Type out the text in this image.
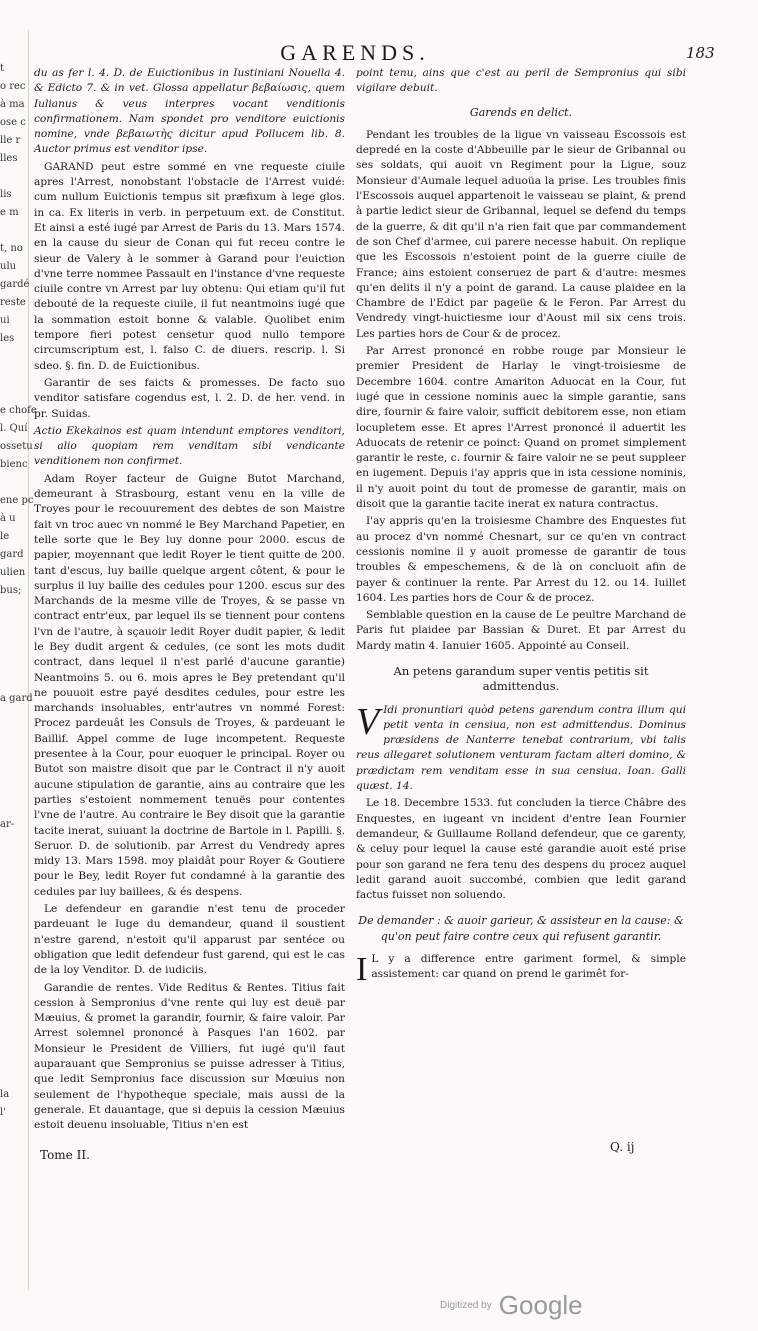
t
o rec
à ma
ose c
lle r
lles
lis
e m
t, no
ulu
gardé
reste
ui
les
e chofe
l. Quí
ossetu
bienc
ene pc
à u
le
gard
ulien
bus;
a gard
ar-
la
l'
GARENDS.	183

du as fer l. 4. D. de Euictionibus in Iustiniani Nouella 4. & Edicto 7. & in vet. Glossa appellatur βεβαίωσις, quem Iulianus & veus interpres vocant venditionis confirmationem. Nam spondet pro venditore euictionis nomine, vnde βεβαιωτὴς dicitur apud Pollucem lib. 8. Auctor primus est venditor ipse.

GARAND peut estre sommé en vne requeste ciuile apres l'Arrest, nonobstant l'obstacle de l'Arrest vuidé: cum nullum Euictionis tempus sit præfixum à lege glos. in ca. Ex literis in verb. in perpetuum ext. de Constitut. Et ainsi a esté iugé par Arrest de Paris du 13. Mars 1574. en la cause du sieur de Conan qui fut receu contre le sieur de Valery à le sommer à Garand pour l'euiction d'vne terre nommee Passault en l'instance d'vne requeste ciuile contre vn Arrest par luy obtenu: Qui etiam qu'il fut debouté de la requeste ciuile, il fut neantmoins iugé que la sommation estoit bonne & valable. Quolibet enim tempore fieri potest censetur quod nullo tempore circumscriptum est, l. falso C. de diuers. rescrip. l. Si sdeo. §. fin. D. de Euictionibus.

Garantir de ses faicts & promesses. De facto suo venditor satisfare cogendus est, l. 2. D. de her. vend. in pr. Suidas.

Actio Ekekainos est quam intendunt emptores venditori, si alio quopiam rem venditam sibi vendicante venditionem non confirmet.

Adam Royer facteur de Guigne Butot Marchand, demeurant à Strasbourg, estant venu en la ville de Troyes pour le recouurement des debtes de son Maistre fait vn troc auec vn nommé le Bey Marchand Papetier, en telle sorte que le Bey luy donne pour 2000. escus de papier, moyennant que ledit Royer le tient quitte de 200. tant d'escus, luy baille quelque argent côtent, & pour le surplus il luy baille des cedules pour 1200. escus sur des Marchands de la mesme ville de Troyes, & se passe vn contract entr'eux, par lequel ils se tiennent pour contens l'vn de l'autre, à sçauoir ledit Royer dudit papier, & ledit le Bey dudit argent & cedules, (ce sont les mots dudit contract, dans lequel il n'est parlé d'aucune garantie) Neantmoins 5. ou 6. mois apres le Bey pretendant qu'il ne pouuoit estre payé desdites cedules, pour estre les marchands insoluables, entr'autres vn nommé Forest: Procez pardeuât les Consuls de Troyes, & pardeuant le Baillif. Appel comme de Iuge incompetent. Requeste presentee à la Cour, pour euoquer le principal. Royer ou Butot son maistre disoit que par le Contract il n'y auoit aucune stipulation de garantie, ains au contraire que les parties s'estoient nommement tenuës pour contentes l'vne de l'autre. Au contraire le Bey disoit que la garantie tacite inerat, suiuant la doctrine de Bartole in l. Papilli. §. Seruor. D. de solutionib. par Arrest du Vendredy apres midy 13. Mars 1598. moy plaidât pour Royer & Goutiere pour le Bey, ledit Royer fut condamné à la garantie des cedules par luy baillees, & és despens.

Le defendeur en garandie n'est tenu de proceder pardeuant le Iuge du demandeur, quand il soustient n'estre garend, n'estoit qu'il apparust par sentéce ou obligation que ledit defendeur fust garend, qui est le cas de la loy Venditor. D. de iudiciis.

Garandie de rentes. Vide Reditus & Rentes. Titius fait cession à Sempronius d'vne rente qui luy est deuë par Mæuius, & promet la garandir, fournir, & faire valoir. Par Arrest solemnel prononcé à Pasques l'an 1602. par Monsieur le President de Villiers, fut iugé qu'il faut auparauant que Sempronius se puisse adresser à Titius, que ledit Sempronius face discussion sur Mœuius non seulement de l'hypotheque speciale, mais aussi de la generale. Et dauantage, que si depuis la cession Mæuius estoit deuenu insoluable, Titius n'en est

point tenu, ains que c'est au peril de Sempronius qui sibi vigilare debuit.

Garends en delict.

Pendant les troubles de la ligue vn vaisseau Escossois est depredé en la coste d'Abbeuille par le sieur de Gribannal ou ses soldats, qui auoit vn Regiment pour la Ligue, souz Monsieur d'Aumale lequel aduoüa la prise. Les troubles finis l'Escossois auquel appartenoit le vaisseau se plaint, & prend à partie ledict sieur de Gribannal, lequel se defend du temps de la guerre, & dit qu'il n'a rien fait que par commandement de son Chef d'armee, cui parere necesse habuit. On replique que les Escossois n'estoient point de la guerre ciuile de France; ains estoient conseruez de part & d'autre: mesmes qu'en delits il n'y a point de garand. La cause plaidee en la Chambre de l'Edict par pageüe & le Feron. Par Arrest du Vendredy vingt-huictiesme iour d'Aoust mil six cens trois. Les parties hors de Cour & de procez.

Par Arrest prononcé en robbe rouge par Monsieur le premier President de Harlay le vingt-troisiesme de Decembre 1604. contre Amariton Aduocat en la Cour, fut iugé que in cessione nominis auec la simple garantie, sans dire, fournir & faire valoir, sufficit debitorem esse, non etiam locupletem esse. Et apres l'Arrest prononcé il aduertit les Aduocats de retenir ce poinct: Quand on promet simplement garantir le reste, c. fournir & faire valoir ne se peut suppleer en iugement. Depuis i'ay appris que in ista cessione nominis, il n'y auoit point du tout de promesse de garantir, mais on disoit que la garantie tacite inerat ex natura contractus.

I'ay appris qu'en la troisiesme Chambre des Enquestes fut au procez d'vn nommé Chesnart, sur ce qu'en vn contract cessionis nomine il y auoit promesse de garantir de tous troubles & empeschemens, & de là on concluoit afin de payer & continuer la rente. Par Arrest du 12. ou 14. Iuillet 1604. Les parties hors de Cour & de procez.

Semblable question en la cause de Le peultre Marchand de Paris fut plaidee par Bassian & Duret. Et par Arrest du Mardy matin 4. Ianuier 1605. Appointé au Conseil.

An petens garandum super ventis petitis sit admittendus.

V Idi pronuntiari quòd petens garendum contra illum qui petit venta in censiua, non est admittendus. Dominus præsidens de Nanterre tenebat contrarium, vbi talis reus allegaret solutionem venturam factam alteri domino, & prædictam rem venditam esse in sua censiua. Ioan. Galli quæst. 14.

Le 18. Decembre 1533. fut concluden la tierce Châbre des Enquestes, en iugeant vn incident d'entre Iean Fournier demandeur, & Guillaume Rolland defendeur, que ce garenty, & celuy pour lequel la cause esté garandie auoit esté prise pour son garand ne fera tenu des despens du procez auquel ledit garand auoit succombé, combien que ledit garand factus fuisset non soluendo.

De demander : & auoir garieur, & assisteur en la cause: & qu'on peut faire contre ceux qui refusent garantir.

I L y a difference entre gariment formel, & simple assistement: car quand on prend le garimêt for-

Tome II.
Q. ij
Digitized by Google
